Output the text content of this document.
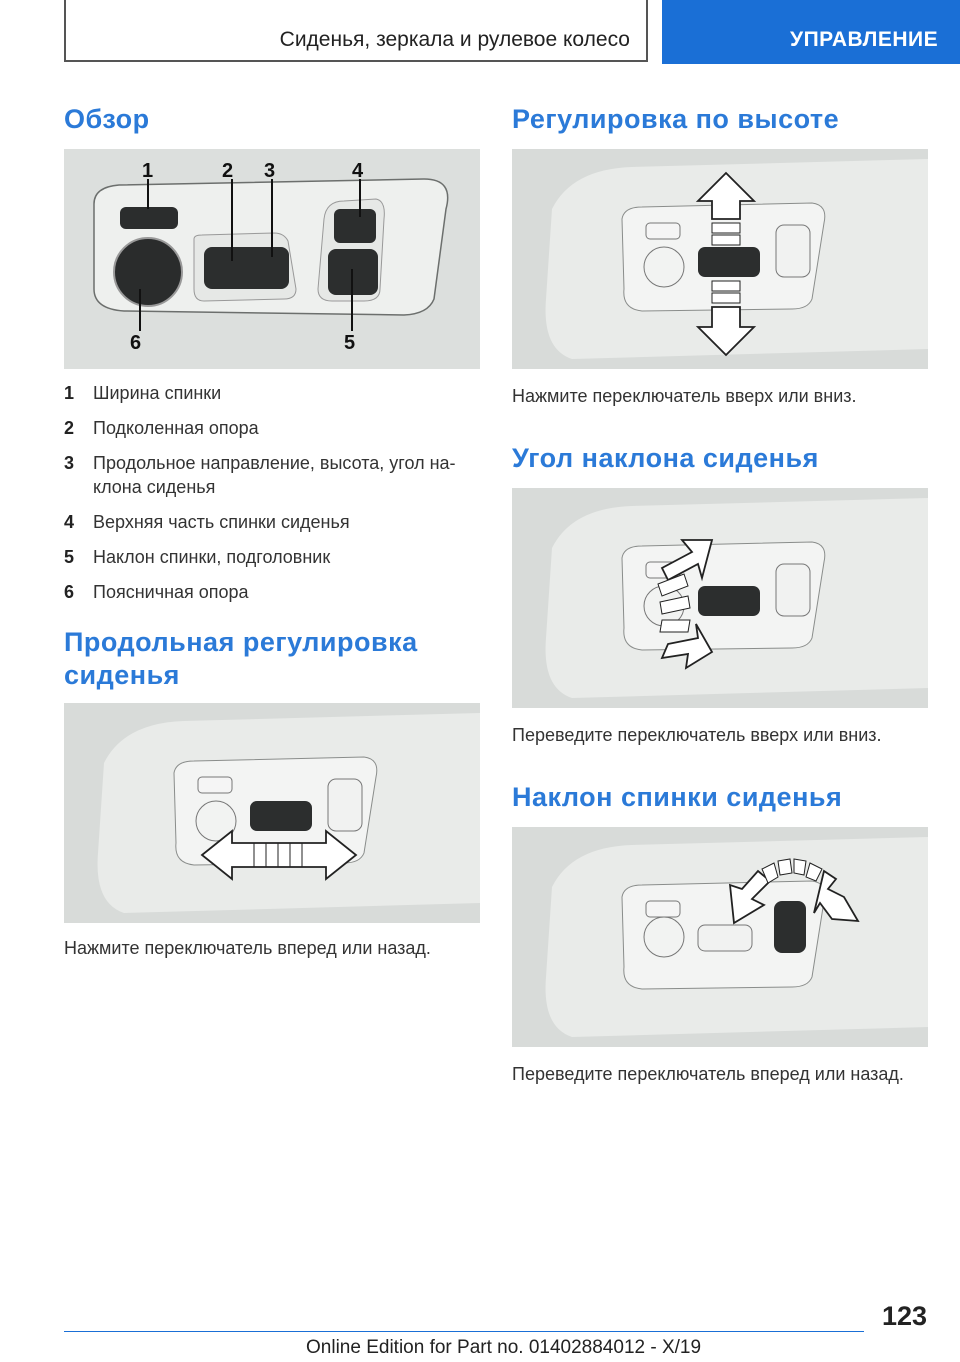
Сиденья, зеркала и рулевое колесо	УПРАВЛЕНИЕ
Обзор
1	2 3	4
5
6
1	Ширина спинки
2	Подколенная опора
3	Продольное направление, высота, угол наклона сиденья
4	Верхняя часть спинки сиденья
5	Наклон спинки, подголовник
6	Поясничная опора
Продольная регулировка сиденья

Нажмите переключатель вперед или назад.

Регулировка по высоте

Нажмите переключатель вверх или вниз.

Угол наклона сиденья

Переведите переключатель вверх или вниз.

Наклон спинки сиденья

Переведите переключатель вперед или назад.

123
Online Edition for Part no. 01402884012 - X/19
